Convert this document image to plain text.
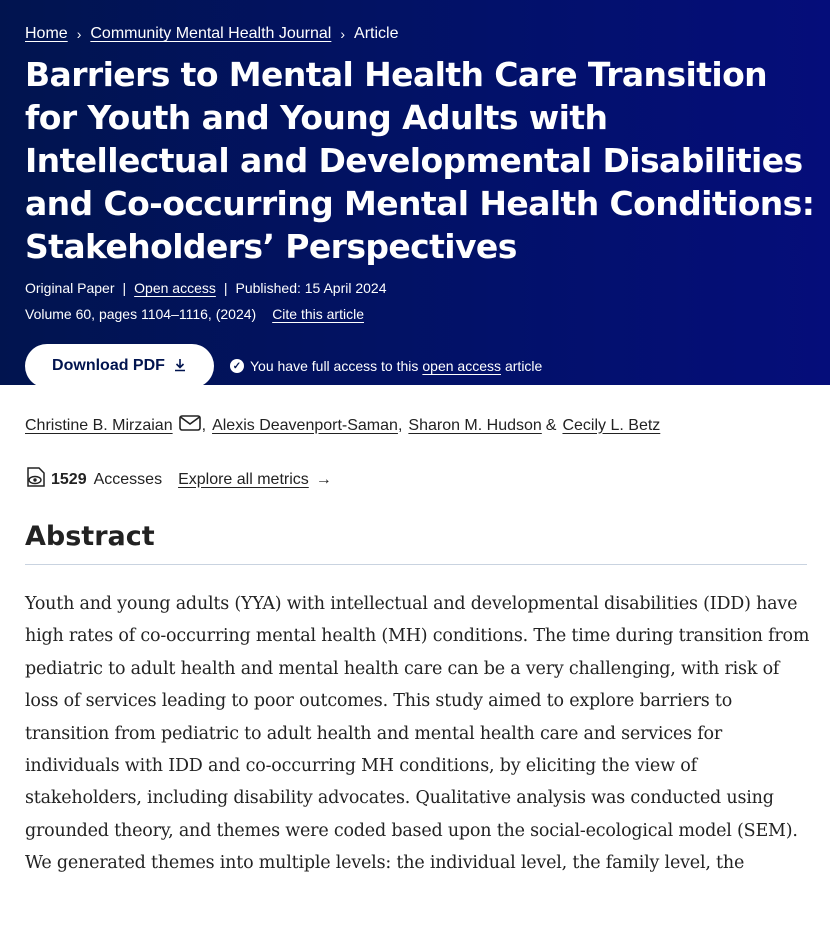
Home › Community Mental Health Journal › Article
Barriers to Mental Health Care Transition for Youth and Young Adults with Intellectual and Developmental Disabilities and Co-occurring Mental Health Conditions: Stakeholders’ Perspectives
Original Paper | Open access | Published: 15 April 2024
Volume 60, pages 1104–1116, (2024) Cite this article
Download PDF	✓ You have full access to this open access article
Christine B. Mirzaian , Alexis Deavenport-Saman , Sharon M. Hudson & Cecily L. Betz
1529 Accesses Explore all metrics →
Abstract

Youth and young adults (YYA) with intellectual and developmental disabilities (IDD) have high rates of co-occurring mental health (MH) conditions. The time during transition from pediatric to adult health and mental health care can be a very challenging, with risk of loss of services leading to poor outcomes. This study aimed to explore barriers to transition from pediatric to adult health and mental health care and services for individuals with IDD and co-occurring MH conditions, by eliciting the view of stakeholders, including disability advocates. Qualitative analysis was conducted using grounded theory, and themes were coded based upon the social-ecological model (SEM). We generated themes into multiple levels: the individual level, the family level, the
